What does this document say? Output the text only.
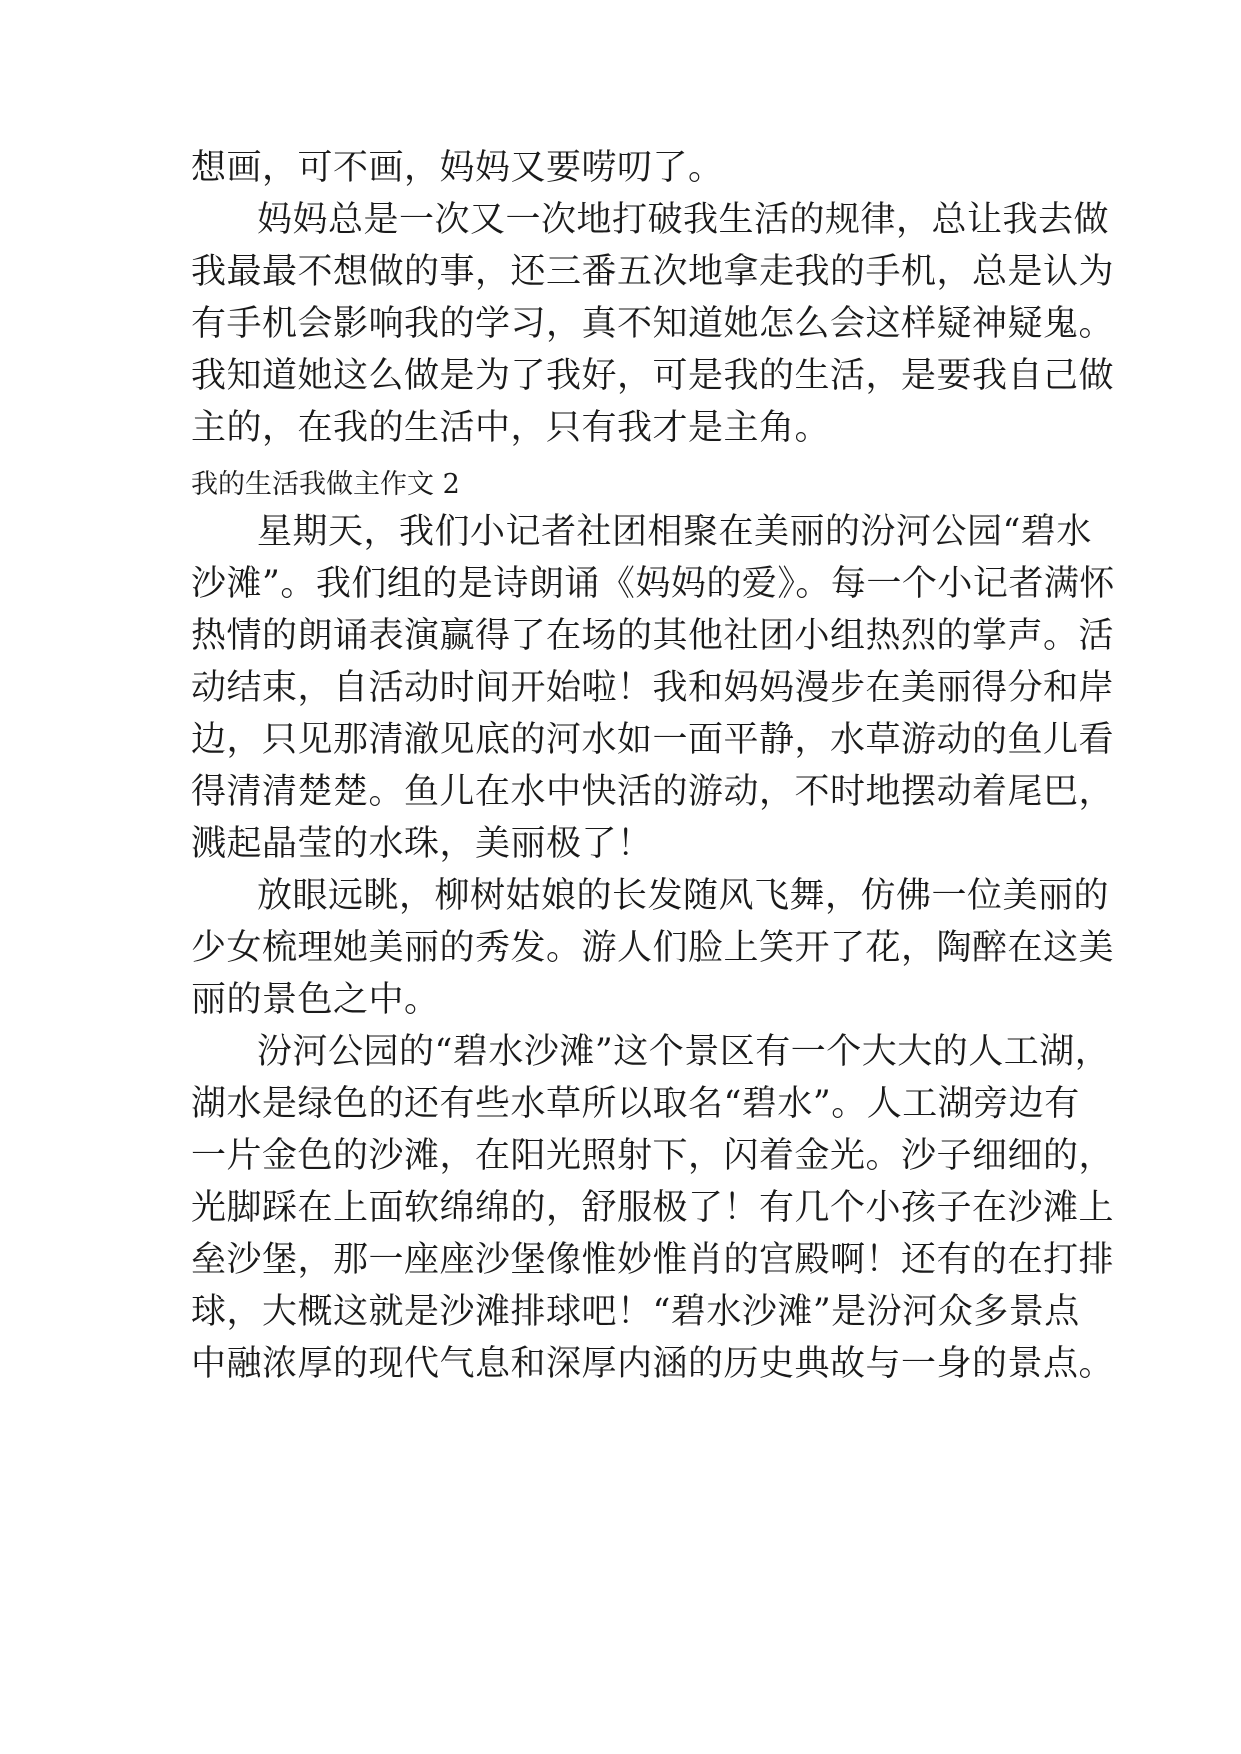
想画，可不画，妈妈又要唠叨了。
妈妈总是一次又一次地打破我生活的规律，总让我去做
我最最不想做的事，还三番五次地拿走我的手机，总是认为
有手机会影响我的学习，真不知道她怎么会这样疑神疑鬼。
我知道她这么做是为了我好，可是我的生活，是要我自己做
主的，在我的生活中，只有我才是主角。
我的生活我做主作文 2
星期天，我们小记者社团相聚在美丽的汾河公园“碧水
沙滩”。我们组的是诗朗诵《妈妈的爱》。每一个小记者满怀
热情的朗诵表演赢得了在场的其他社团小组热烈的掌声。活
动结束，自活动时间开始啦！我和妈妈漫步在美丽得分和岸
边，只见那清澈见底的河水如一面平静，水草游动的鱼儿看
得清清楚楚。鱼儿在水中快活的游动，不时地摆动着尾巴，
溅起晶莹的水珠，美丽极了！
放眼远眺，柳树姑娘的长发随风飞舞，仿佛一位美丽的
少女梳理她美丽的秀发。游人们脸上笑开了花，陶醉在这美
丽的景色之中。
汾河公园的“碧水沙滩”这个景区有一个大大的人工湖，
湖水是绿色的还有些水草所以取名“碧水”。人工湖旁边有
一片金色的沙滩，在阳光照射下，闪着金光。沙子细细的，
光脚踩在上面软绵绵的，舒服极了！有几个小孩子在沙滩上
垒沙堡，那一座座沙堡像惟妙惟肖的宫殿啊！还有的在打排
球，大概这就是沙滩排球吧！“碧水沙滩”是汾河众多景点
中融浓厚的现代气息和深厚内涵的历史典故与一身的景点。
